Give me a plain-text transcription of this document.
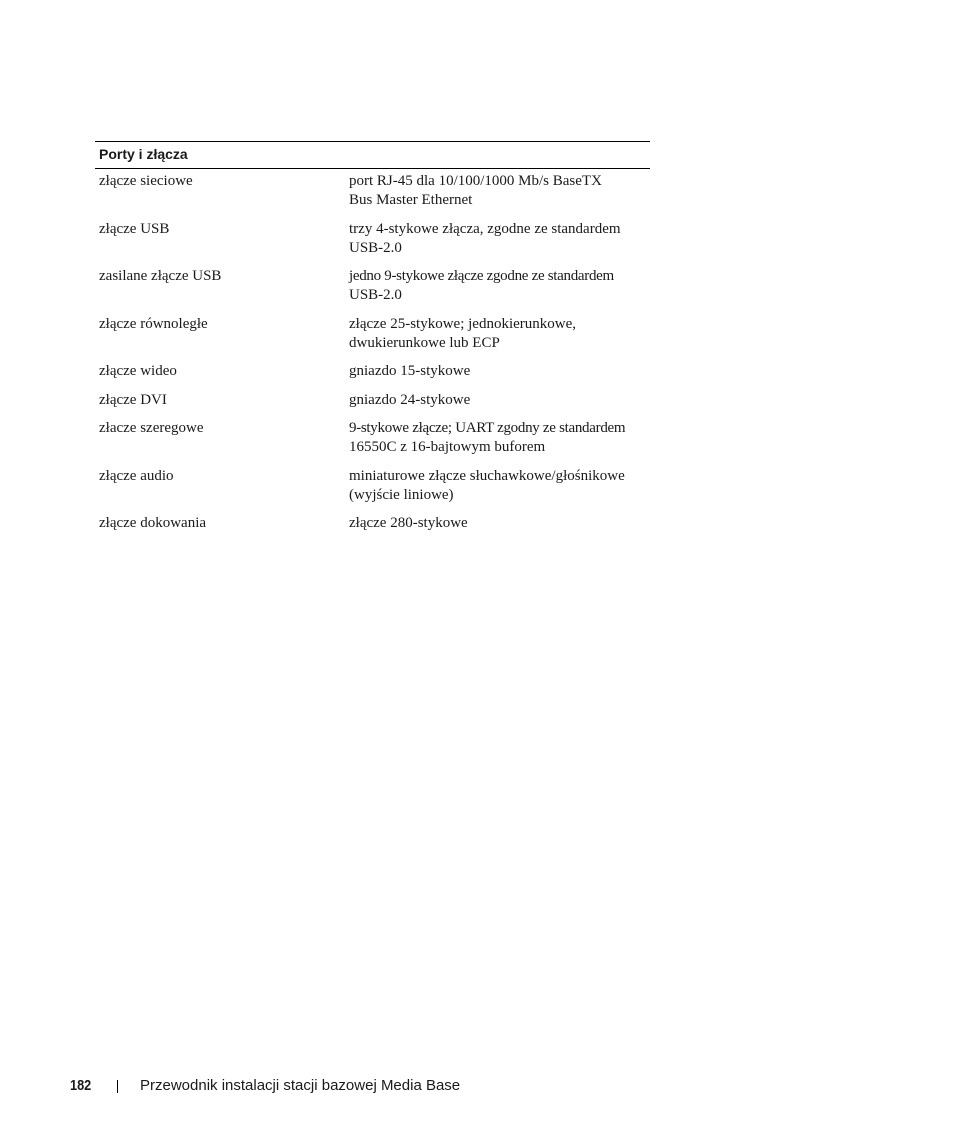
Porty i złącza
złącze sieciowe	port RJ-45 dla 10/100/1000 Mb/s BaseTX
Bus Master Ethernet
złącze USB	trzy 4-stykowe złącza, zgodne ze standardem
USB-2.0
zasilane złącze USB	jedno 9-stykowe złącze zgodne ze standardem
USB-2.0
złącze równoległe	złącze 25-stykowe; jednokierunkowe,
dwukierunkowe lub ECP
złącze wideo	gniazdo 15-stykowe
złącze DVI	gniazdo 24-stykowe
złacze szeregowe	9-stykowe złącze; UART zgodny ze standardem
16550C z 16-bajtowym buforem
złącze audio	miniaturowe złącze słuchawkowe/głośnikowe
(wyjście liniowe)
złącze dokowania	złącze 280-stykowe
182	Przewodnik instalacji stacji bazowej Media Base
